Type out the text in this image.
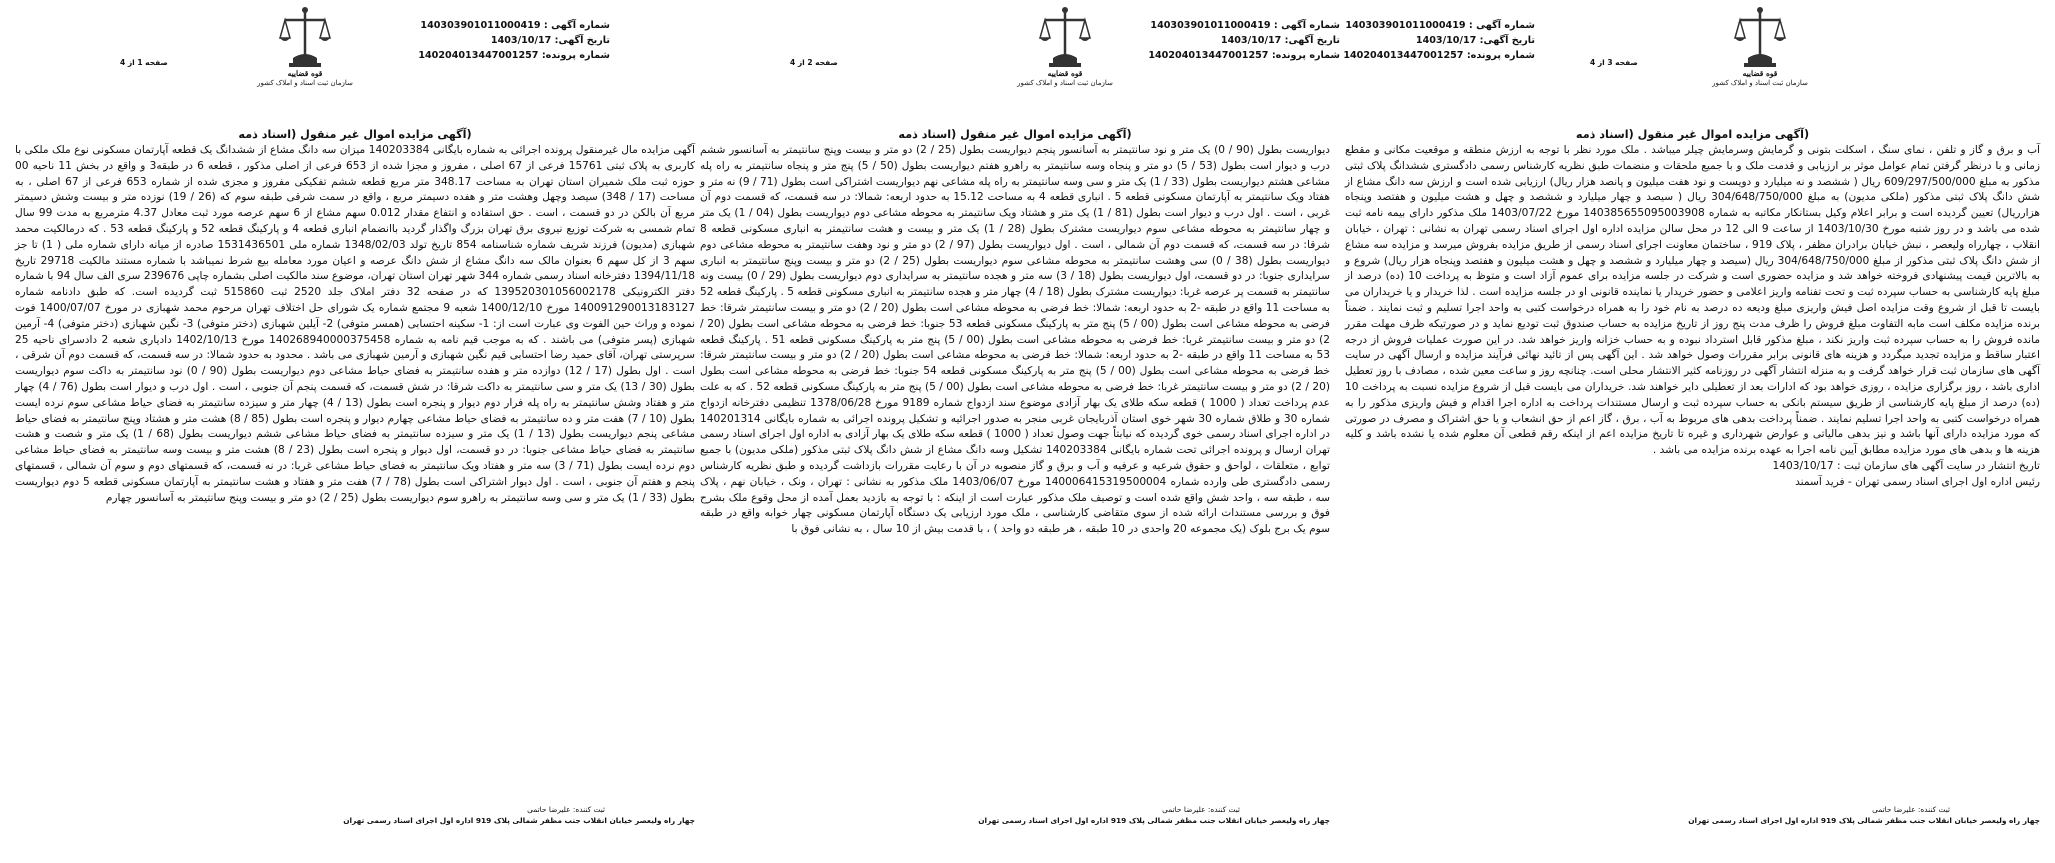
قوه قضاییه
سازمان ثبت اسناد و املاک کشور
شماره آگهی : 140303901011000419
تاریخ آگهی: 1403/10/17
شماره پرونده: 140204013447001257
صفحه 3 از 4
(آگهی مزایده اموال غیر منقول (اسناد ذمه

آب و برق و گاز و تلفن ، نمای سنگ ، اسکلت بتونی و گرمایش وسرمایش چیلر میباشد . ملک مورد نظر با توجه به ارزش منطقه و موقعیت مکانی و مقطع زمانی و با درنظر گرفتن تمام عوامل موثر بر ارزیابی و قدمت ملک و با جمیع ملحقات و منضمات طبق نظریه کارشناس رسمی دادگستری ششدانگ پلاک ثبتی مذکور به مبلغ 609/297/500/000 ریال ( ششصد و نه میلیارد و دویست و نود هفت میلیون و پانصد هزار ریال) ارزیابی شده است و ارزش سه دانگ مشاع از شش دانگ پلاک ثبتی مذکور (ملکی مدیون) به مبلغ 304/648/750/000 ریال ( سیصد و چهار میلیارد و ششصد و چهل و هشت میلیون و هفتصد وپنجاه هزارریال) تعیین گردیده است و برابر اعلام وکیل بستانکار مکاتبه به شماره 140385655095003908 مورخ 1403/07/22 ملک مذکور دارای بیمه نامه ثبت شده می باشد و در روز شنبه مورخ 1403/10/30 از ساعت 9 الی 12 در محل سالن مزایده اداره اول اجرای اسناد رسمی تهران به نشانی : تهران ، خیابان انقلاب ، چهارراه ولیعصر ، نبش خیابان برادران مظفر ، پلاک 919 ، ساختمان معاونت اجرای اسناد رسمی از طریق مزایده بفروش میرسد و مزایده سه مشاع از شش دانگ پلاک ثبتی مذکور از مبلغ 304/648/750/000 ریال (سیصد و چهار میلیارد و ششصد و چهل و هشت میلیون و هفتصد وپنجاه هزار ریال) شروع و به بالاترین قیمت پیشنهادی فروخته خواهد شد و مزایده حضوری است و شرکت در جلسه مزایده برای عموم آزاد است و متوظ به پرداخت 10 (ده) درصد از مبلغ پایه کارشناسی به حساب سپرده ثبت و تحت تفنامه واریز اعلامی و حضور خریدار یا نماینده قانونی او در جلسه مزایده است . لذا خریدار و یا خریداران می بایست تا قبل از شروع وقت مزایده اصل فیش واریزی مبلغ ودیعه ده درصد به نام خود را به همراه درخواست کتبی به واحد اجرا تسلیم و ثبت نمایند . ضمناً برنده مزایده مکلف است مابه التفاوت مبلغ فروش را ظرف مدت پنج روز از تاریخ مزایده به حساب صندوق ثبت تودیع نماید و در صورتیکه ظرف مهلت مقرر مانده فروش را به حساب سپرده ثبت واریز نکند ، مبلغ مذکور قابل استرداد نبوده و به حساب خزانه واریز خواهد شد. در این صورت عملیات فروش از درجه اعتبار ساقط و مزایده تجدید میگردد و هزینه های قانونی برابر مقررات وصول خواهد شد . این آگهی پس از تائید نهائی فرآیند مزایده و ارسال آگهی در سایت آگهی های سازمان ثبت قرار خواهد گرفت و به منزله انتشار آگهی در روزنامه کثیر الانتشار محلی است. چنانچه روز و ساعت معین شده ، مصادف با روز تعطیل اداری باشد ، روز برگزاری مزایده ، روزی خواهد بود که ادارات بعد از تعطیلی دایر خواهند شد. خریداران می بایست قبل از شروع مزایده نسبت به پرداخت 10 (ده) درصد از مبلغ پایه کارشناسی از طریق سیستم بانکی به حساب سپرده ثبت و ارسال مستندات پرداخت به اداره اجرا اقدام و فیش واریزی مذکور را به همراه درخواست کتبی به واحد اجرا تسلیم نمایند . ضمناً پرداخت بدهی های مربوط به آب ، برق ، گاز اعم از حق انشعاب و یا حق اشتراک و مصرف در صورتی که مورد مزایده دارای آنها باشد و نیز بدهی مالیاتی و عوارض شهرداری و غیره تا تاریخ مزایده اعم از اینکه رقم قطعی آن معلوم شده یا نشده باشد و کلیه هزینه ها و بدهی های مورد مزایده مطابق آیین نامه اجرا به عهده برنده مزایده می باشد .

تاریخ انتشار در سایت آگهی های سازمان ثبت : 1403/10/17

رئیس اداره اول اجرای اسناد رسمی تهران - فرید آسمند

ثبت کننده: علیرضا حاتمی
چهار راه ولیعصر خیابان انقلاب جنب مظفر شمالی پلاک 919 اداره اول اجرای اسناد رسمی تهران
قوه قضاییه
سازمان ثبت اسناد و املاک کشور
شماره آگهی : 140303901011000419
تاریخ آگهی: 1403/10/17
شماره پرونده: 140204013447001257
صفحه 2 از 4
(آگهی مزایده اموال غیر منقول (اسناد ذمه

دیواریست بطول (90 / 0) یک متر و نود سانتیمتر به آسانسور پنجم دیواریست بطول (25 / 2) دو متر و بیست وپنج سانتیمتر به آسانسور ششم درب و دیوار است بطول (53 / 5) دو متر و پنجاه وسه سانتیمتر به راهرو هفتم دیواریست بطول (50 / 5) پنج متر و پنجاه سانتیمتر به راه پله مشاعی هشتم دیواریست بطول (33 / 1) یک متر و سی وسه سانتیمتر به راه پله مشاعی نهم دیواریست اشتراکی است بطول (71 / 9) نه متر و هفتاد ویک سانتیمتر به آپارتمان مسکونی قطعه 5 . انباری قطعه 4 به مساحت 15.12 به حدود اربعه: شمالا: در سه قسمت، که قسمت دوم آن غربی ، است . اول درب و دیوار است بطول (81 / 1) یک متر و هشتاد ویک سانتیمتر به محوطه مشاعی دوم دیواریست بطول (04 / 1) یک متر و چهار سانتیمتر به محوطه مشاعی سوم دیواریست مشترک بطول (28 / 1) یک متر و بیست و هشت سانتیمتر به انباری مسکونی قطعه 8 شرقا: در سه قسمت، که قسمت دوم آن شمالی ، است . اول دیواریست بطول (97 / 2) دو متر و نود وهفت سانتیمتر به محوطه مشاعی دوم دیواریست بطول (38 / 0) سی وهشت سانتیمتر به محوطه مشاعی سوم دیواریست بطول (25 / 2) دو متر و بیست وپنج سانتیمتر به انباری سرایداری جنوبا: در دو قسمت، اول دیواریست بطول (18 / 3) سه متر و هجده سانتیمتر به سرایداری دوم دیواریست بطول (29 / 0) بیست ونه سانتیمتر به قسمت پر عرصه غربا: دیواریست مشترک بطول (18 / 4) چهار متر و هجده سانتیمتر به انباری مسکونی قطعه 5 . پارکینگ قطعه 52 به مساحت 11 واقع در طبقه -2 به حدود اربعه: شمالا: خط فرضی به محوطه مشاعی است بطول (20 / 2) دو متر و بیست سانتیمتر شرقا: خط فرضی به محوطه مشاعی است بطول (00 / 5) پنج متر به پارکینگ مسکونی قطعه 53 جنوبا: خط فرضی به محوطه مشاعی است بطول (20 / 2) دو متر و بیست سانتیمتر غربا: خط فرضی به محوطه مشاعی است بطول (00 / 5) پنج متر به پارکینگ مسکونی قطعه 51 . پارکینگ قطعه 53 به مساحت 11 واقع در طبقه -2 به حدود اربعه: شمالا: خط فرضی به محوطه مشاعی است بطول (20 / 2) دو متر و بیست سانتیمتر شرقا: خط فرضی به محوطه مشاعی است بطول (00 / 5) پنج متر به پارکینگ مسکونی قطعه 54 جنوبا: خط فرضی به محوطه مشاعی است بطول (20 / 2) دو متر و بیست سانتیمتر غربا: خط فرضی به محوطه مشاعی است بطول (00 / 5) پنج متر به پارکینگ مسکونی قطعه 52 . که به علت عدم پرداخت تعداد ( 1000 ) قطعه سکه طلای یک بهار آزادی موضوع سند ازدواج شماره 9189 مورخ 1378/06/28 تنظیمی دفترخانه ازدواج شماره 30 و طلاق شماره 30 شهر خوی استان آذربایجان غربی منجر به صدور اجرائیه و تشکیل پرونده اجرائی به شماره بایگانی 140201314 در اداره اجرای اسناد رسمی خوی گردیده که نیابتاً جهت وصول تعداد ( 1000 ) قطعه سکه طلای یک بهار آزادی به اداره اول اجرای اسناد رسمی تهران ارسال و پرونده اجرائی تحت شماره بایگانی 140203384 تشکیل وسه دانگ مشاع از شش دانگ پلاک ثبتی مذکور (ملکی مدیون) با جمیع توابع ، متعلقات ، لواحق و حقوق شرعیه و عرفیه و آب و برق و گاز منصوبه در آن با رعایت مقررات بازداشت گردیده و طبق نظریه کارشناس رسمی دادگستری طی وارده شماره 140006415319500004 مورخ 1403/06/07 ملک مذکور به نشانی : تهران ، ونک ، خیابان نهم ، پلاک سه ، طبقه سه ، واحد شش واقع شده است و توصیف ملک مذکور عبارت است از اینکه : با توجه به بازدید بعمل آمده از محل وقوع ملک بشرح فوق و بررسی مستندات ارائه شده از سوی متقاضی کارشناسی ، ملک مورد ارزیابی یک دستگاه آپارتمان مسکونی چهار خوابه واقع در طبقه سوم یک برج بلوک (یک مجموعه 20 واحدی در 10 طبقه ، هر طبقه دو واحد ) ، با قدمت بیش از 10 سال ، به نشانی فوق با

ثبت کننده: علیرضا حاتمی
چهار راه ولیعصر خیابان انقلاب جنب مظفر شمالی پلاک 919 اداره اول اجرای اسناد رسمی تهران
قوه قضاییه
سازمان ثبت اسناد و املاک کشور
شماره آگهی : 140303901011000419
تاریخ آگهی: 1403/10/17
شماره پرونده: 140204013447001257
صفحه 1 از 4
(آگهی مزایده اموال غیر منقول (اسناد ذمه

آگهی مزایده مال غیرمنقول پرونده اجرائی به شماره بایگانی 140203384 میزان سه دانگ مشاع از ششدانگ یک قطعه آپارتمان مسکونی نوع ملک ملکی با کاربری به پلاک ثبتی 15761 فرعی از 67 اصلی ، مفروز و مجزا شده از 653 فرعی از اصلی مذکور ، قطعه 6 در طبقه3 و واقع در بخش 11 ناحیه 00 حوزه ثبت ملک شمیران استان تهران به مساحت 348.17 متر مربع قطعه ششم تفکیکی مفروز و مجزی شده از شماره 653 فرعی از 67 اصلی ، به مساحت (17 / 348) سیصد وچهل وهشت متر و هفده دسیمتر مربع ، واقع در سمت شرقی طبقه سوم که (26 / 19) نوزده متر و بیست وشش دسیمتر مربع آن بالکن در دو قسمت ، است . حق استفاده و انتفاع مقدار 0.012 سهم مشاع از 6 سهم عرصه مورد ثبت معادل 4.37 مترمربع به مدت 99 سال تمام شمسی به شرکت توزیع نیروی برق تهران بزرگ واگذار گردید باانضمام انباری قطعه 4 و پارکینگ قطعه 52 و پارکینگ قطعه 53 . که درمالکیت محمد شهبازی (مدیون) فرزند شریف شماره شناسنامه 854 تاریخ تولد 1348/02/03 شماره ملی 1531436501 صادره از میانه دارای شماره ملی ( 1) تا جز سهم 3 از کل سهم 6 بعنوان مالک سه دانگ مشاع از شش دانگ عرصه و اعیان مورد معامله بیع شرط نمیباشد با شماره مستند مالکیت 29718 تاریخ 1394/11/18 دفترخانه اسناد رسمی شماره 344 شهر تهران استان تهران، موضوع سند مالکیت اصلی بشماره چاپی 239676 سری الف سال 94 با شماره دفتر الکترونیکی 139520301056002178 که در صفحه 32 دفتر املاک جلد 2520 ثبت 515860 ثبت گردیده است. که طبق دادنامه شماره 140091290013183127 مورخ 1400/12/10 شعبه 9 مجتمع شماره یک شورای حل اختلاف تهران مرحوم محمد شهبازی در مورخ 1400/07/07 فوت نموده و وراث حین الفوت وی عبارت است از: 1- سکینه احتسابی (همسر متوفی) 2- آیلین شهبازی (دختر متوفی) 3- نگین شهبازی (دختر متوفی) 4- آرمین شهبازی (پسر متوفی) می باشند . که به موجب قیم نامه به شماره 140268940000375458 مورخ 1402/10/13 دادیاری شعبه 2 دادسرای ناحیه 25 سرپرستی تهران، آقای حمید رضا احتسابی قیم نگین شهبازی و آرمین شهبازی می باشد . محدود به حدود شمالا: در سه قسمت، که قسمت دوم آن شرقی ، است . اول بطول (17 / 12) دوازده متر و هفده سانتیمتر به فضای حیاط مشاعی دوم دیواریست بطول (90 / 0) نود سانتیمتر به داکت سوم دیواریست بطول (30 / 13) یک متر و سی سانتیمتر به داکت شرقا: در شش قسمت، که قسمت پنجم آن جنوبی ، است . اول درب و دیوار است بطول (76 / 4) چهار متر و هفتاد وشش سانتیمتر به راه پله فرار دوم دیوار و پنجره است بطول (13 / 4) چهار متر و سیزده سانتیمتر به فضای حیاط مشاعی سوم نرده ایست بطول (10 / 7) هفت متر و ده سانتیمتر به فضای حیاط مشاعی چهارم دیوار و پنجره است بطول (85 / 8) هشت متر و هشتاد وپنج سانتیمتر به فضای حیاط مشاعی پنجم دیواریست بطول (13 / 1) یک متر و سیزده سانتیمتر به فضای حیاط مشاعی ششم دیواریست بطول (68 / 1) یک متر و شصت و هشت سانتیمتر به فضای حیاط مشاعی جنوبا: در دو قسمت، اول دیوار و پنجره است بطول (23 / 8) هشت متر و بیست وسه سانتیمتر به فضای حیاط مشاعی دوم نرده ایست بطول (71 / 3) سه متر و هفتاد ویک سانتیمتر به فضای حیاط مشاعی غربا: در نه قسمت، که قسمتهای دوم و سوم آن شمالی ، قسمتهای پنجم و هفتم آن جنوبی ، است . اول دیوار اشتراکی است بطول (78 / 7) هفت متر و هفتاد و هشت سانتیمتر به آپارتمان مسکونی قطعه 5 دوم دیواریست بطول (33 / 1) یک متر و سی وسه سانتیمتر به راهرو سوم دیواریست بطول (25 / 2) دو متر و بیست وپنج سانتیمتر به آسانسور چهارم

ثبت کننده: علیرضا حاتمی
چهار راه ولیعصر خیابان انقلاب جنب مظفر شمالی پلاک 919 اداره اول اجرای اسناد رسمی تهران
